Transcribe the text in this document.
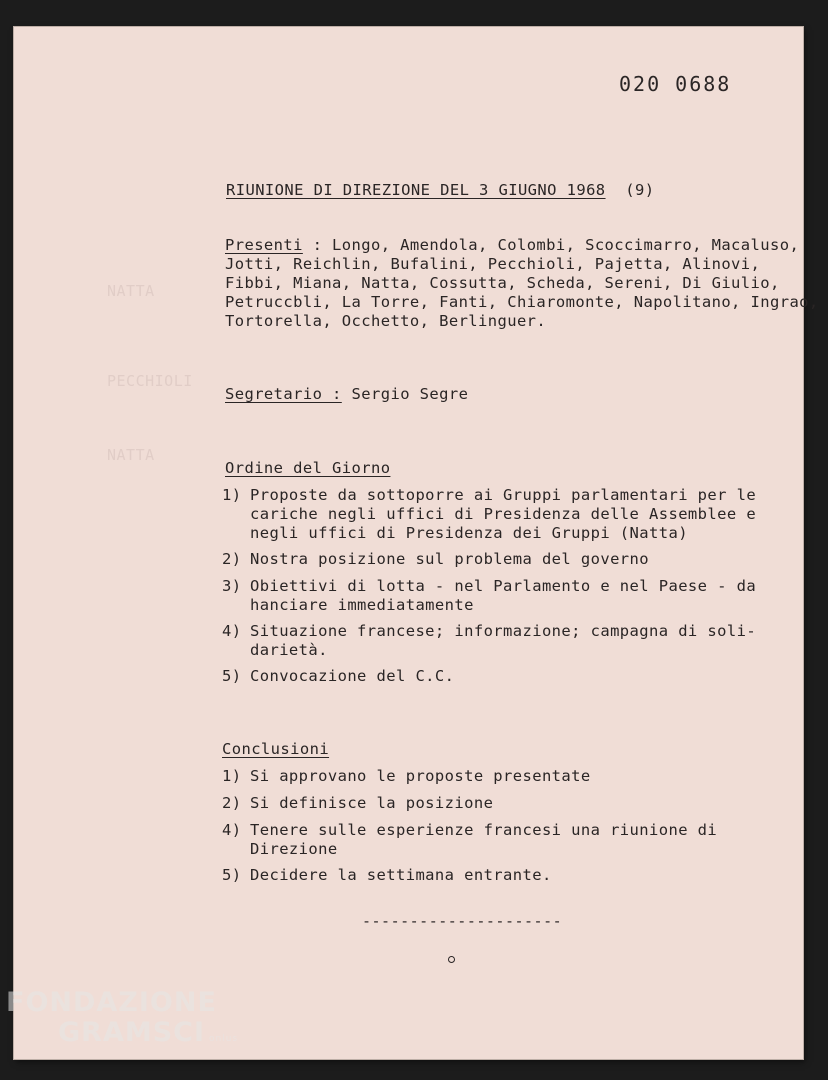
NATTA
PECCHIOLI
NATTA
020 0688
RIUNIONE DI DIREZIONE DEL 3 GIUGNO 1968 (9)
Presenti : Longo, Amendola, Colombi, Scoccimarro, Macaluso,
Jotti, Reichlin, Bufalini, Pecchioli, Pajetta, Alinovi,
Fibbi, Miana, Natta, Cossutta, Scheda, Sereni, Di Giulio,
Petruccbli, La Torre, Fanti, Chiaromonte, Napolitano, Ingrao,
Tortorella, Occhetto, Berlinguer.
Segretario : Sergio Segre
Ordine del Giorno
1) Proposte da sottoporre ai Gruppi parlamentari per le
cariche negli uffici di Presidenza delle Assemblee e
negli uffici di Presidenza dei Gruppi (Natta)
2) Nostra posizione sul problema del governo
3) Obiettivi di lotta - nel Parlamento e nel Paese - da
hanciare immediatamente
4) Situazione francese; informazione; campagna di soli-
darietà.
5) Convocazione del C.C.
Conclusioni
1) Si approvano le proposte presentate
2) Si definisce la posizione
4) Tenere sulle esperienze francesi una riunione di
Direzione
5) Decidere la settimana entrante.
---------------------
FONDAZIONE
GRAMSCI onlus
